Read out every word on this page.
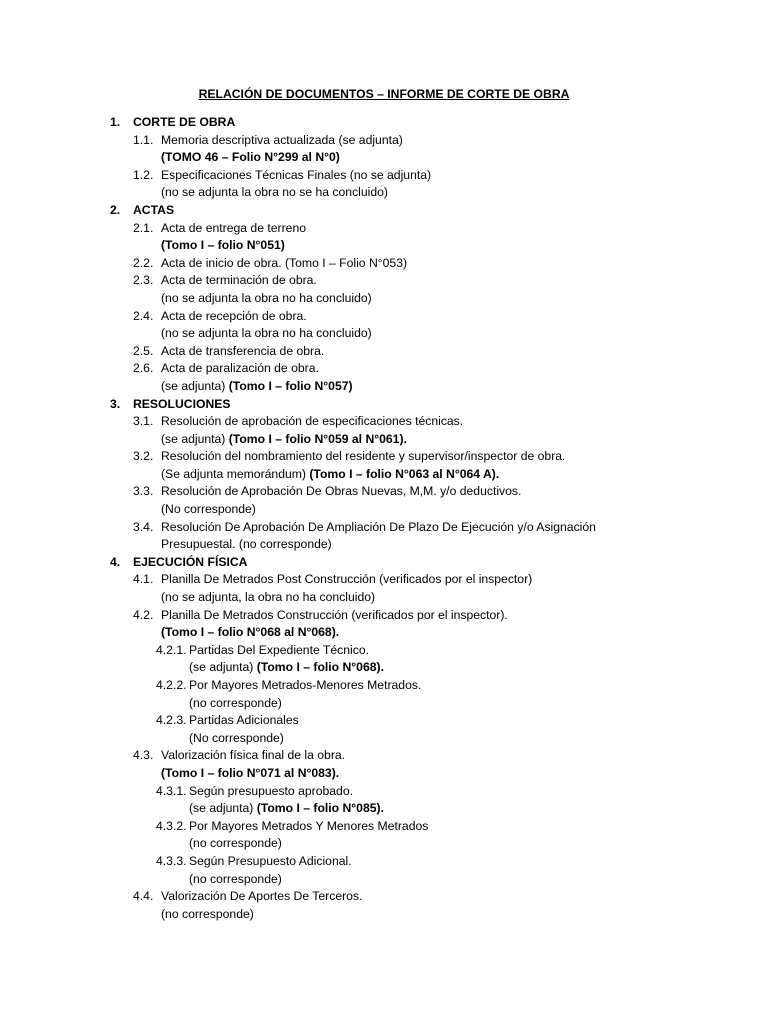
RELACIÓN DE DOCUMENTOS – INFORME DE CORTE DE OBRA
1. CORTE DE OBRA
1.1. Memoria descriptiva actualizada (se adjunta)
(TOMO 46 – Folio N°299 al N°0)
1.2. Especificaciones Técnicas Finales (no se adjunta)
(no se adjunta la obra no se ha concluido)
2. ACTAS
2.1. Acta de entrega de terreno
(Tomo I – folio N°051)
2.2. Acta de inicio de obra. (Tomo I – Folio N°053)
2.3. Acta de terminación de obra.
(no se adjunta la obra no ha concluido)
2.4. Acta de recepción de obra.
(no se adjunta la obra no ha concluido)
2.5. Acta de transferencia de obra.
2.6. Acta de paralización de obra.
(se adjunta) (Tomo I – folio N°057)
3. RESOLUCIONES
3.1. Resolución de aprobación de especificaciones técnicas.
(se adjunta) (Tomo I – folio N°059 al N°061).
3.2. Resolución del nombramiento del residente y supervisor/inspector de obra.
(Se adjunta memorándum) (Tomo I – folio N°063 al N°064 A).
3.3. Resolución de Aprobación De Obras Nuevas, M,M. y/o deductivos.
(No corresponde)
3.4. Resolución De Aprobación De Ampliación De Plazo De Ejecución y/o Asignación
Presupuestal. (no corresponde)
4. EJECUCIÓN FÍSICA
4.1. Planilla De Metrados Post Construcción (verificados por el inspector)
(no se adjunta, la obra no ha concluido)
4.2. Planilla De Metrados Construcción (verificados por el inspector).
(Tomo I – folio N°068 al N°068).
4.2.1. Partidas Del Expediente Técnico.
(se adjunta) (Tomo I – folio N°068).
4.2.2. Por Mayores Metrados-Menores Metrados.
(no corresponde)
4.2.3. Partidas Adicionales
(No corresponde)
4.3. Valorización física final de la obra.
(Tomo I – folio N°071 al N°083).
4.3.1. Según presupuesto aprobado.
(se adjunta) (Tomo I – folio N°085).
4.3.2. Por Mayores Metrados Y Menores Metrados
(no corresponde)
4.3.3. Según Presupuesto Adicional.
(no corresponde)
4.4. Valorización De Aportes De Terceros.
(no corresponde)
